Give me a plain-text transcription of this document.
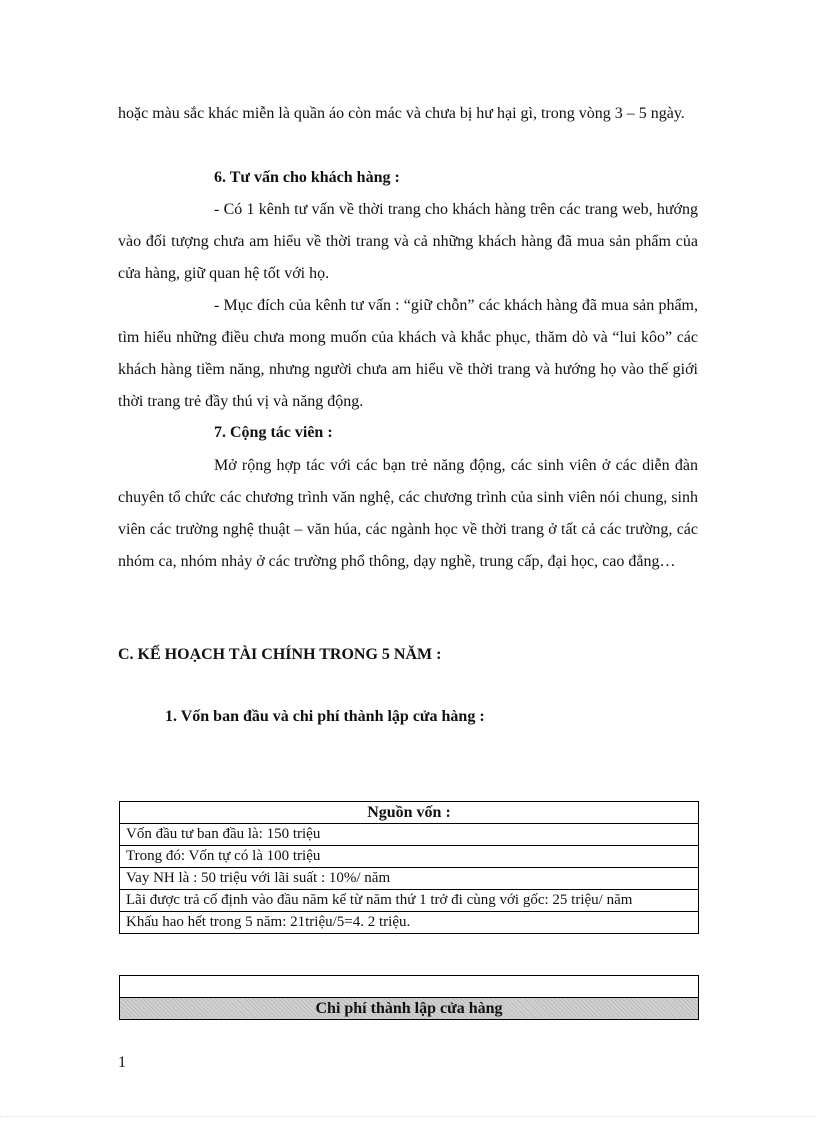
hoặc màu sắc khác miễn là quần áo còn mác và chưa bị hư hại gì, trong vòng 3 – 5 ngày.

6. Tư vấn cho khách hàng :

- Có 1 kênh tư vấn về thời trang cho khách hàng trên các trang web, hướng vào đối tượng chưa am hiểu về thời trang và cả những khách hàng đã mua sản phẩm của cửa hàng, giữ quan hệ tốt với họ.

- Mục đích của kênh tư vấn : “giữ chỗn” các khách hàng đã mua sản phẩm, tìm hiểu những điều chưa mong muốn của khách và khắc phục, thăm dò và “lui kôo” các khách hàng tiềm năng, nhưng người chưa am hiểu về thời trang và hướng họ vào thế giới thời trang trẻ đầy thú vị và năng động.

7. Cộng tác viên :

Mở rộng hợp tác với các bạn trẻ năng động, các sinh viên ở các diễn đàn chuyên tổ chức các chương trình văn nghệ, các chương trình của sinh viên nói chung, sinh viên các trường nghệ thuật – văn húa, các ngành học về thời trang ở tất cả các trường, các nhóm ca, nhóm nhảy ở các trường phổ thông, dạy nghề, trung cấp, đại học, cao đẳng…

C. KẾ HOẠCH TÀI CHÍNH TRONG 5 NĂM :

1. Vốn ban đầu và chi phí thành lập cửa hàng :

Nguồn vốn :
Vốn đầu tư ban đầu là: 150 triệu
Trong đó: Vốn tự có là 100 triệu
Vay NH là : 50 triệu với lãi suất : 10%/ năm
Lãi được trả cố định vào đầu năm kể từ năm thứ 1 trở đi cùng với gốc: 25 triệu/ năm
Khấu hao hết trong 5 năm: 21triệu/5=4. 2 triệu.

Chi phí thành lập cửa hàng
1
